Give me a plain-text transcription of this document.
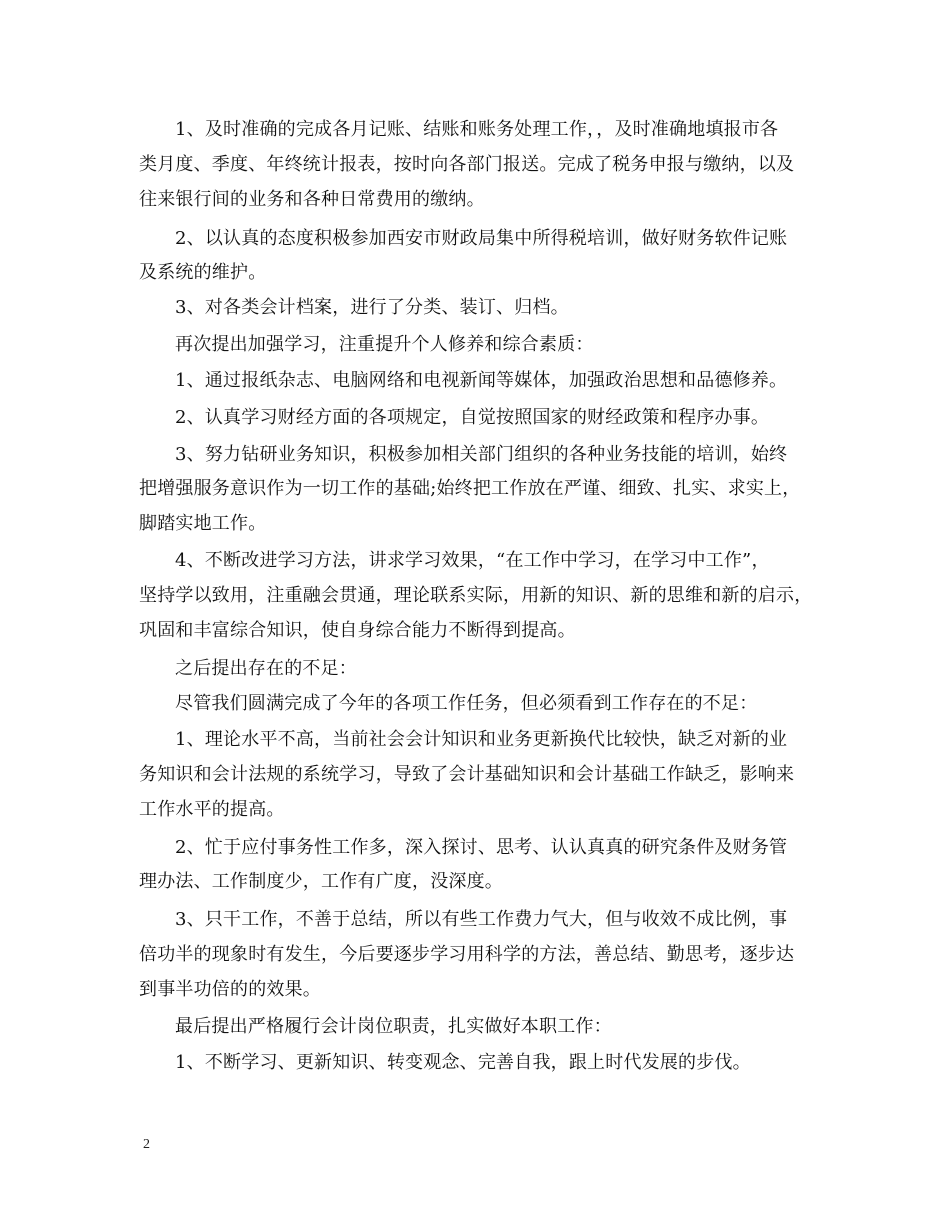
1、及时准确的完成各月记账、结账和账务处理工作，，及时准确地填报市各
类月度、季度、年终统计报表，按时向各部门报送。完成了税务申报与缴纳，以及
往来银行间的业务和各种日常费用的缴纳。
2、以认真的态度积极参加西安市财政局集中所得税培训，做好财务软件记账
及系统的维护。
3、对各类会计档案，进行了分类、装订、归档。
再次提出加强学习，注重提升个人修养和综合素质：
1、通过报纸杂志、电脑网络和电视新闻等媒体，加强政治思想和品德修养。
2、认真学习财经方面的各项规定，自觉按照国家的财经政策和程序办事。
3、努力钻研业务知识，积极参加相关部门组织的各种业务技能的培训，始终
把增强服务意识作为一切工作的基础;始终把工作放在严谨、细致、扎实、求实上，
脚踏实地工作。
4、不断改进学习方法，讲求学习效果，“在工作中学习，在学习中工作”，
坚持学以致用，注重融会贯通，理论联系实际，用新的知识、新的思维和新的启示，
巩固和丰富综合知识，使自身综合能力不断得到提高。
之后提出存在的不足：
尽管我们圆满完成了今年的各项工作任务，但必须看到工作存在的不足：
1、理论水平不高，当前社会会计知识和业务更新换代比较快，缺乏对新的业
务知识和会计法规的系统学习，导致了会计基础知识和会计基础工作缺乏，影响来
工作水平的提高。
2、忙于应付事务性工作多，深入探讨、思考、认认真真的研究条件及财务管
理办法、工作制度少，工作有广度，没深度。
3、只干工作，不善于总结，所以有些工作费力气大，但与收效不成比例，事
倍功半的现象时有发生，今后要逐步学习用科学的方法，善总结、勤思考，逐步达
到事半功倍的的效果。
最后提出严格履行会计岗位职责，扎实做好本职工作：
1、不断学习、更新知识、转变观念、完善自我，跟上时代发展的步伐。
2
